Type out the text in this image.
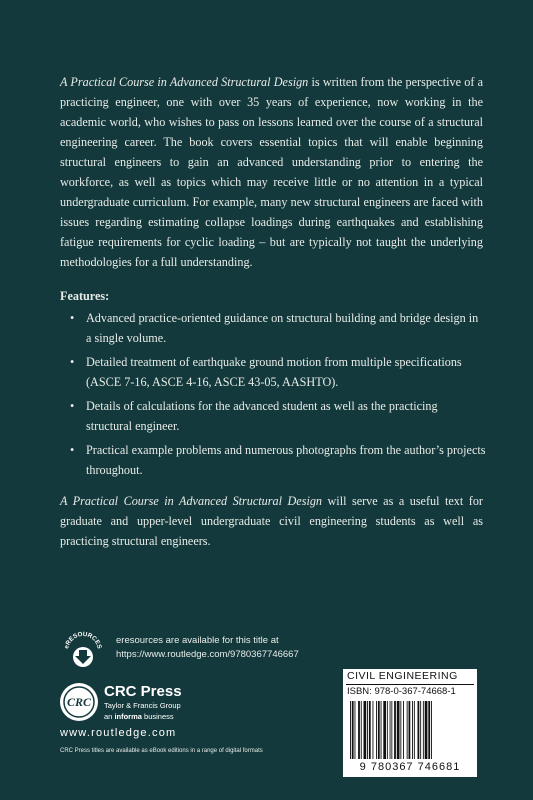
A Practical Course in Advanced Structural Design is written from the perspective of a practicing engineer, one with over 35 years of experience, now working in the academic world, who wishes to pass on lessons learned over the course of a structural engineering career. The book covers essential topics that will enable beginning structural engineers to gain an advanced understanding prior to entering the workforce, as well as topics which may receive little or no attention in a typical undergraduate curriculum. For example, many new structural engineers are faced with issues regarding estimating collapse loadings during earthquakes and establishing fatigue requirements for cyclic loading – but are typically not taught the underlying methodologies for a full understanding.

Features:

• Advanced practice-oriented guidance on structural building and bridge design in a single volume.
• Detailed treatment of earthquake ground motion from multiple specifications (ASCE 7-16, ASCE 4-16, ASCE 43-05, AASHTO).
• Details of calculations for the advanced student as well as the practicing structural engineer.
• Practical example problems and numerous photographs from the author’s projects throughout.

A Practical Course in Advanced Structural Design will serve as a useful text for graduate and upper-level undergraduate civil engineering students as well as practicing structural engineers.

eRESOURCES
eresources are available for this title at
https://www.routledge.com/9780367746667
CRC
CRC Press
Taylor & Francis Group
an informa business
www.routledge.com
CRC Press titles are available as eBook editions in a range of digital formats
CIVIL ENGINEERING
ISBN: 978-0-367-74668-1
9 780367 746681
